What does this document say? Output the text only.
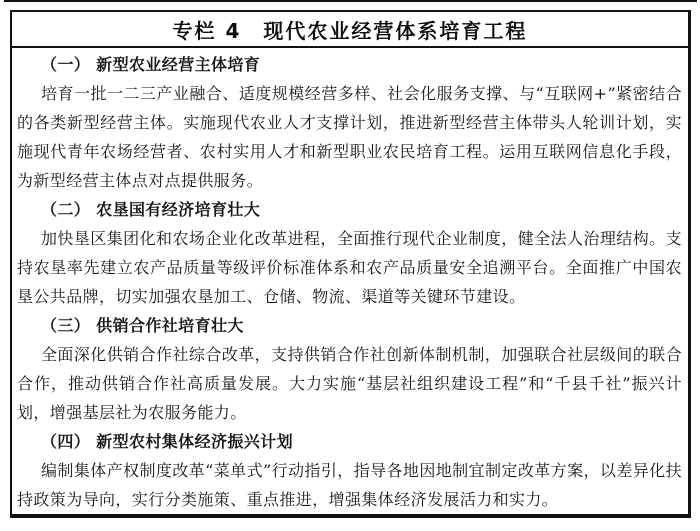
专栏 4　现代农业经营体系培育工程

（一） 新型农业经营主体培育

培育一批一二三产业融合、适度规模经营多样、社会化服务支撑、与“互联网+”紧密结合的各类新型经营主体。实施现代农业人才支撑计划，推进新型经营主体带头人轮训计划，实施现代青年农场经营者、农村实用人才和新型职业农民培育工程。运用互联网信息化手段，为新型经营主体点对点提供服务。

（二） 农垦国有经济培育壮大

加快垦区集团化和农场企业化改革进程，全面推行现代企业制度，健全法人治理结构。支持农垦率先建立农产品质量等级评价标准体系和农产品质量安全追溯平台。全面推广中国农垦公共品牌，切实加强农垦加工、仓储、物流、渠道等关键环节建设。

（三） 供销合作社培育壮大

全面深化供销合作社综合改革，支持供销合作社创新体制机制，加强联合社层级间的联合合作，推动供销合作社高质量发展。大力实施“基层社组织建设工程”和“千县千社”振兴计划，增强基层社为农服务能力。

（四） 新型农村集体经济振兴计划

编制集体产权制度改革“菜单式”行动指引，指导各地因地制宜制定改革方案，以差异化扶持政策为导向，实行分类施策、重点推进，增强集体经济发展活力和实力。
